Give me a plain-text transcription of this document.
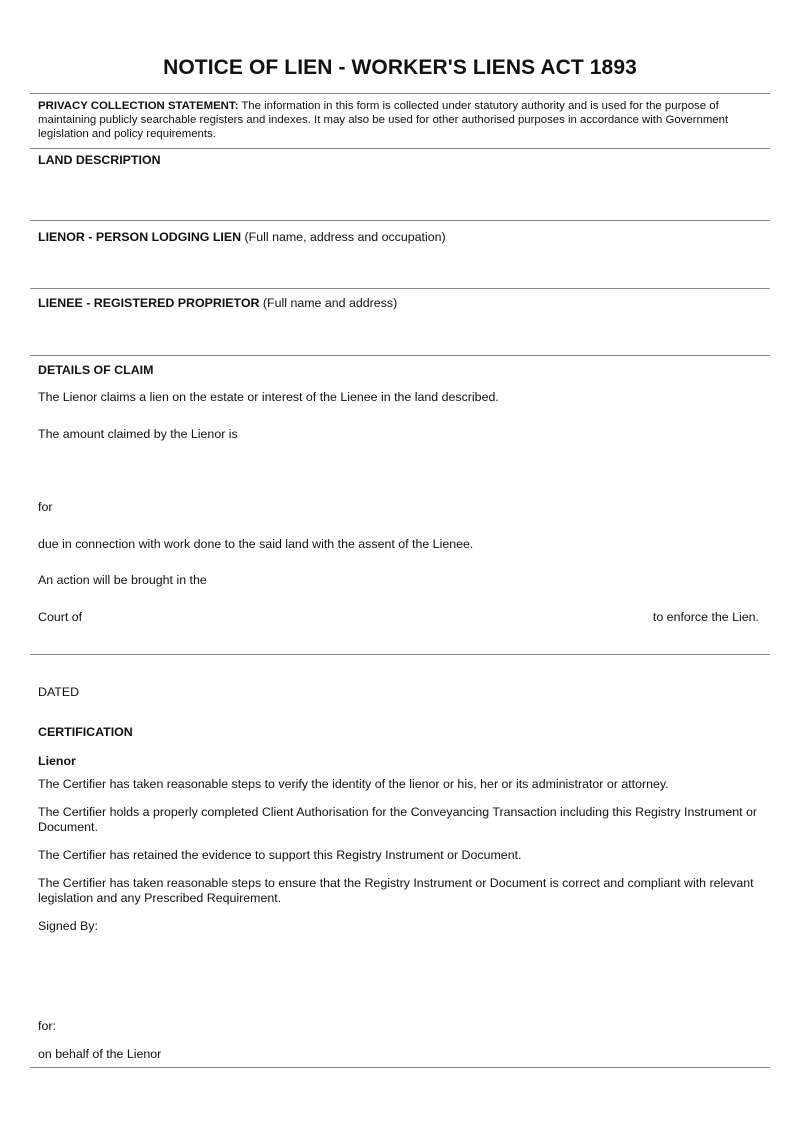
NOTICE OF LIEN - WORKER'S LIENS ACT 1893
PRIVACY COLLECTION STATEMENT: The information in this form is collected under statutory authority and is used for the purpose of maintaining publicly searchable registers and indexes. It may also be used for other authorised purposes in accordance with Government legislation and policy requirements.
LAND DESCRIPTION
LIENOR - PERSON LODGING LIEN (Full name, address and occupation)
LIENEE - REGISTERED PROPRIETOR (Full name and address)
DETAILS OF CLAIM
The Lienor claims a lien on the estate or interest of the Lienee in the land described.
The amount claimed by the Lienor is
for
due in connection with work done to the said land with the assent of the Lienee.
An action will be brought in the
Court of	to enforce the Lien.
DATED
CERTIFICATION
Lienor
The Certifier has taken reasonable steps to verify the identity of the lienor or his, her or its administrator or attorney.
The Certifier holds a properly completed Client Authorisation for the Conveyancing Transaction including this Registry Instrument or Document.
The Certifier has retained the evidence to support this Registry Instrument or Document.
The Certifier has taken reasonable steps to ensure that the Registry Instrument or Document is correct and compliant with relevant legislation and any Prescribed Requirement.
Signed By:
for:
on behalf of the Lienor
